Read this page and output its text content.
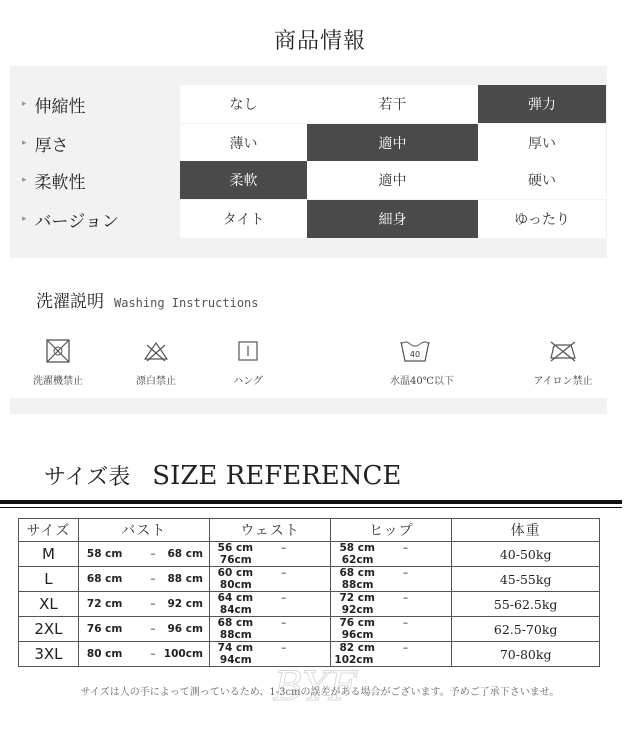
商品情報
▸ 伸縮性	なし	若干	弾力
▸ 厚さ	薄い	適中	厚い
▸ 柔軟性	柔軟	適中	硬い
▸ バージョン	タイト	細身	ゆったり
洗濯説明 Washing Instructions
洗濯機禁止	漂白禁止	ハング
40
水温40℃以下	アイロン禁止
サイズ表 SIZE REFERENCE
サイズ	バスト	ウェスト	ヒップ	体重
M	58 cm – 68 cm	56 cm –76cm	58 cm –62cm	40-50kg
L	68 cm – 88 cm	60 cm –80cm	68 cm –88cm	45-55kg
XL	72 cm – 92 cm	64 cm –84cm	72 cm –92cm	55-62.5kg
2XL	76 cm – 96 cm	68 cm –88cm	76 cm –96cm	62.5-70kg
3XL	80 cm – 100cm	74 cm –94cm	82 cm –102cm	70-80kg
BYF
サイズは人の手によって測っているため、1-3cmの誤差がある場合がございます。予めご了承下さいませ。
